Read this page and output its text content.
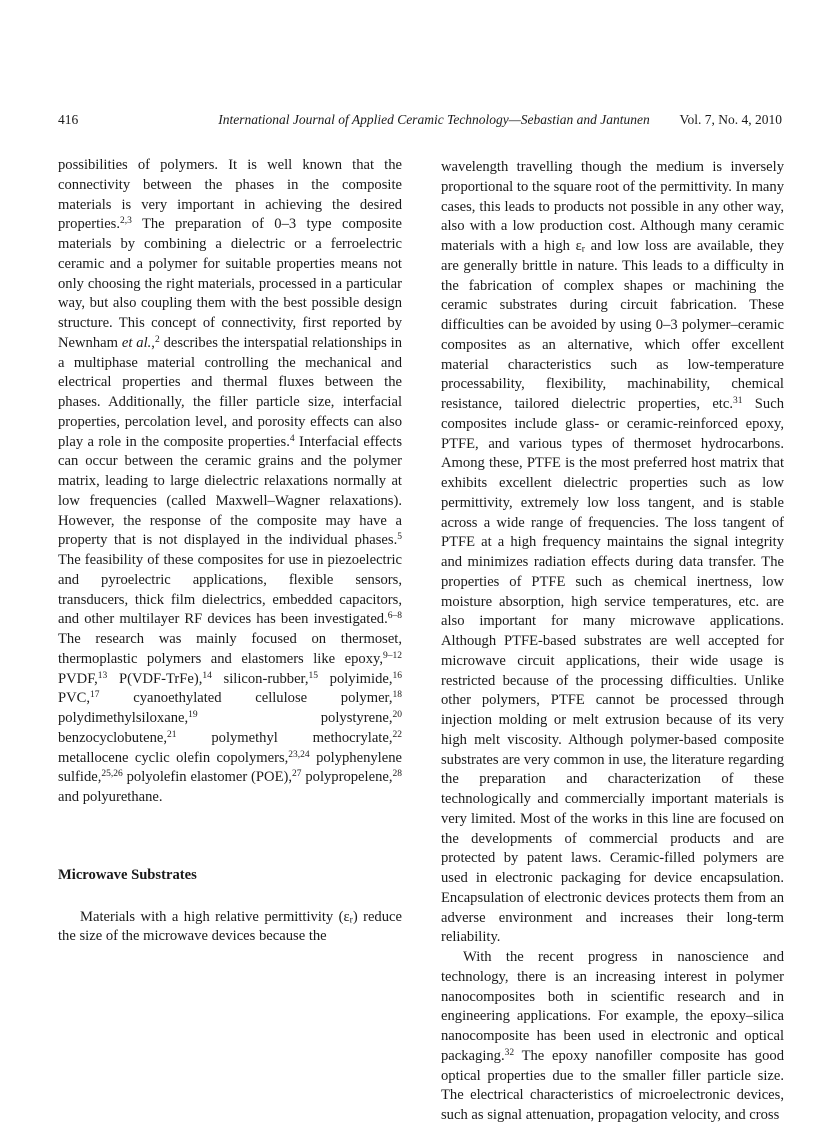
416	International Journal of Applied Ceramic Technology—Sebastian and Jantunen	Vol. 7, No. 4, 2010

possibilities of polymers. It is well known that the connectivity between the phases in the composite materials is very important in achieving the desired properties.$^{2,3}$ The preparation of 0–3 type composite materials by combining a dielectric or a ferroelectric ceramic and a polymer for suitable properties means not only choosing the right materials, processed in a particular way, but also coupling them with the best possible design structure. This concept of connectivity, first reported by Newnham et al.,$^2$ describes the interspatial relationships in a multiphase material controlling the mechanical and electrical properties and thermal fluxes between the phases. Additionally, the filler particle size, interfacial properties, percolation level, and porosity effects can also play a role in the composite properties.$^4$ Interfacial effects can occur between the ceramic grains and the polymer matrix, leading to large dielectric relaxations normally at low frequencies (called Maxwell–Wagner relaxations). However, the response of the composite may have a property that is not displayed in the individual phases.$^5$ The feasibility of these composites for use in piezoelectric and pyroelectric applications, flexible sensors, transducers, thick film dielectrics, embedded capacitors, and other multilayer RF devices has been investigated.$^{6-8}$ The research was mainly focused on thermoset, thermoplastic polymers and elastomers like epoxy,$^{9-12}$ PVDF,$^{13}$ P(VDF-TrFe),$^{14}$ silicon-rubber,$^{15}$ polyimide,$^{16}$ PVC,$^{17}$ cyanoethylated cellulose polymer,$^{18}$ polydimethylsiloxane,$^{19}$ polystyrene,$^{20}$ benzocyclobutene,$^{21}$ polymethyl methocrylate,$^{22}$ metallocene cyclic olefin copolymers,$^{23,24}$ polyphenylene sulfide,$^{25,26}$ polyolefin elastomer (POE),$^{27}$ polypropelene,$^{28}$ and polyurethane.

Microwave Substrates

Materials with a high relative permittivity $(\varepsilon_r)$ reduce the size of the microwave devices because the

wavelength travelling though the medium is inversely proportional to the square root of the permittivity. In many cases, this leads to products not possible in any other way, also with a low production cost. Although many ceramic materials with a high $\varepsilon_r$ and low loss are available, they are generally brittle in nature. This leads to a difficulty in the fabrication of complex shapes or machining the ceramic substrates during circuit fabrication. These difficulties can be avoided by using 0–3 polymer–ceramic composites as an alternative, which offer excellent material characteristics such as low-temperature processability, flexibility, machinability, chemical resistance, tailored dielectric properties, etc.$^{31}$ Such composites include glass- or ceramic-reinforced epoxy, PTFE, and various types of thermoset hydrocarbons. Among these, PTFE is the most preferred host matrix that exhibits excellent dielectric properties such as low permittivity, extremely low loss tangent, and is stable across a wide range of frequencies. The loss tangent of PTFE at a high frequency maintains the signal integrity and minimizes radiation effects during data transfer. The properties of PTFE such as chemical inertness, low moisture absorption, high service temperatures, etc. are also important for many microwave applications. Although PTFE-based substrates are well accepted for microwave circuit applications, their wide usage is restricted because of the processing difficulties. Unlike other polymers, PTFE cannot be processed through injection molding or melt extrusion because of its very high melt viscosity. Although polymer-based composite substrates are very common in use, the literature regarding the preparation and characterization of these technologically and commercially important materials is very limited. Most of the works in this line are focused on the developments of commercial products and are protected by patent laws. Ceramic-filled polymers are used in electronic packaging for device encapsulation. Encapsulation of electronic devices protects them from an adverse environment and increases their long-term reliability.

With the recent progress in nanoscience and technology, there is an increasing interest in polymer nanocomposites both in scientific research and in engineering applications. For example, the epoxy–silica nanocomposite has been used in electronic and optical packaging.$^{32}$ The epoxy nanofiller composite has good optical properties due to the smaller filler particle size. The electrical characteristics of microelectronic devices, such as signal attenuation, propagation velocity, and cross
